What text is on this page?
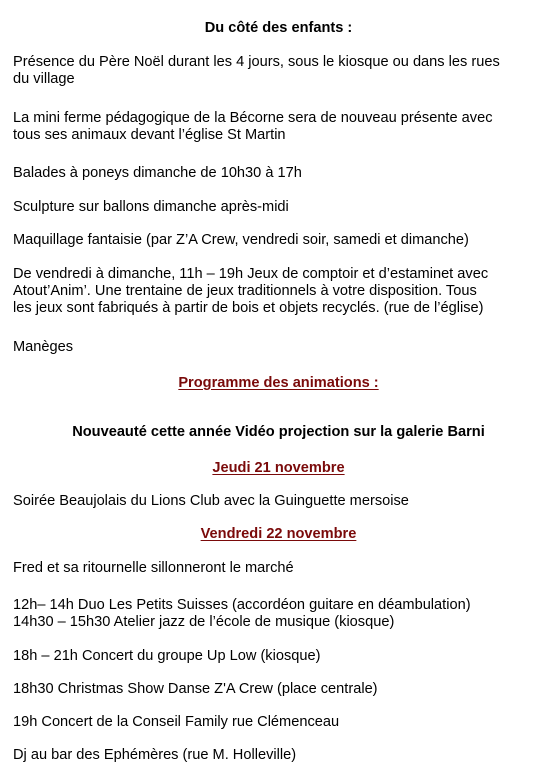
Du côté des enfants :
Présence du Père Noël durant les 4 jours, sous le kiosque ou dans les rues
du village
La mini ferme pédagogique de la Bécorne sera de nouveau présente avec
tous ses animaux devant l’église St Martin
Balades à poneys dimanche de 10h30 à 17h
Sculpture sur ballons dimanche après-midi
Maquillage fantaisie (par Z’A Crew, vendredi soir, samedi et dimanche)
De vendredi à dimanche, 11h – 19h Jeux de comptoir et d’estaminet avec
Atout’Anim’. Une trentaine de jeux traditionnels à votre disposition. Tous
les jeux sont fabriqués à partir de bois et objets recyclés. (rue de l’église)
Manèges
Programme des animations :
Nouveauté cette année Vidéo projection sur la galerie Barni
Jeudi 21 novembre
Soirée Beaujolais du Lions Club avec la Guinguette mersoise
Vendredi 22 novembre
Fred et sa ritournelle sillonneront le marché
12h– 14h Duo Les Petits Suisses (accordéon guitare en déambulation)
14h30 – 15h30 Atelier jazz de l’école de musique (kiosque)
18h – 21h Concert du groupe Up Low (kiosque)
18h30 Christmas Show Danse Z'A Crew (place centrale)
19h Concert de la Conseil Family rue Clémenceau
Dj au bar des Ephémères (rue M. Holleville)
